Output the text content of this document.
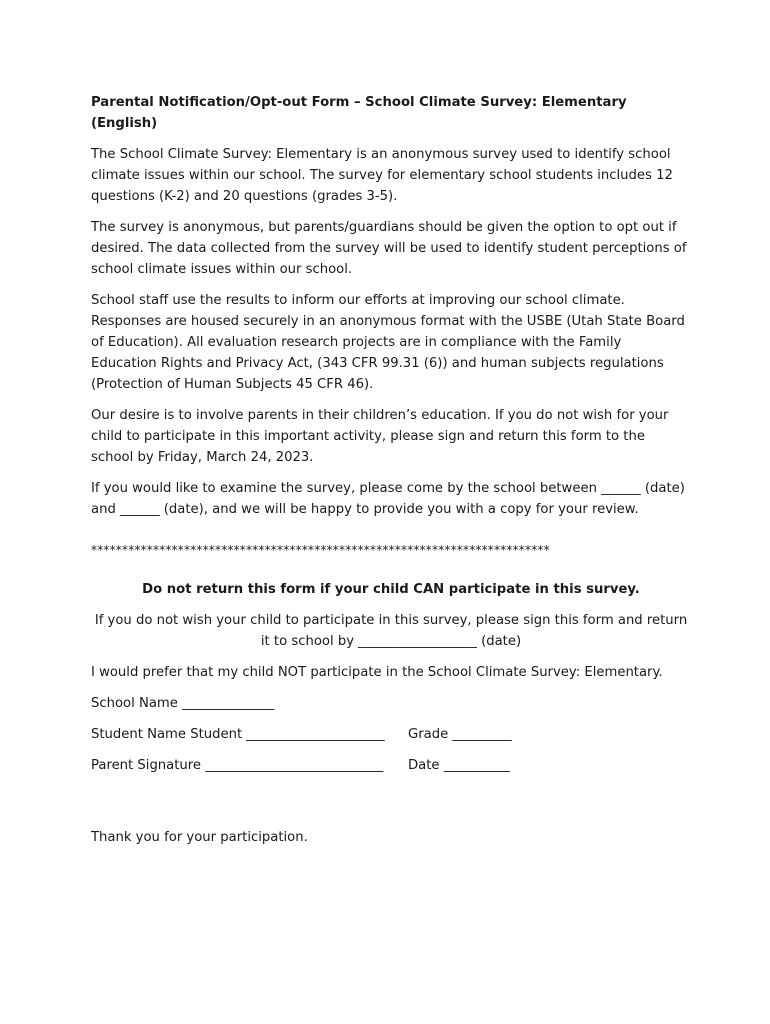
Parental Notification/Opt-out Form – School Climate Survey: Elementary (English)

The School Climate Survey: Elementary is an anonymous survey used to identify school climate issues within our school. The survey for elementary school students includes 12 questions (K-2) and 20 questions (grades 3-5).

The survey is anonymous, but parents/guardians should be given the option to opt out if desired. The data collected from the survey will be used to identify student perceptions of school climate issues within our school.

School staff use the results to inform our efforts at improving our school climate. Responses are housed securely in an anonymous format with the USBE (Utah State Board of Education). All evaluation research projects are in compliance with the Family Education Rights and Privacy Act, (343 CFR 99.31 (6)) and human subjects regulations (Protection of Human Subjects 45 CFR 46).

Our desire is to involve parents in their children’s education. If you do not wish for your child to participate in this important activity, please sign and return this form to the school by Friday, March 24, 2023.

If you would like to examine the survey, please come by the school between ______ (date) and ______ (date), and we will be happy to provide you with a copy for your review.

**************************************************************************

Do not return this form if your child CAN participate in this survey.

If you do not wish your child to participate in this survey, please sign this form and return it to school by __________________ (date)

I would prefer that my child NOT participate in the School Climate Survey: Elementary.

School Name ______________

Student Name Student _____________________	Grade _________
Parent Signature ___________________________	Date __________

Thank you for your participation.
